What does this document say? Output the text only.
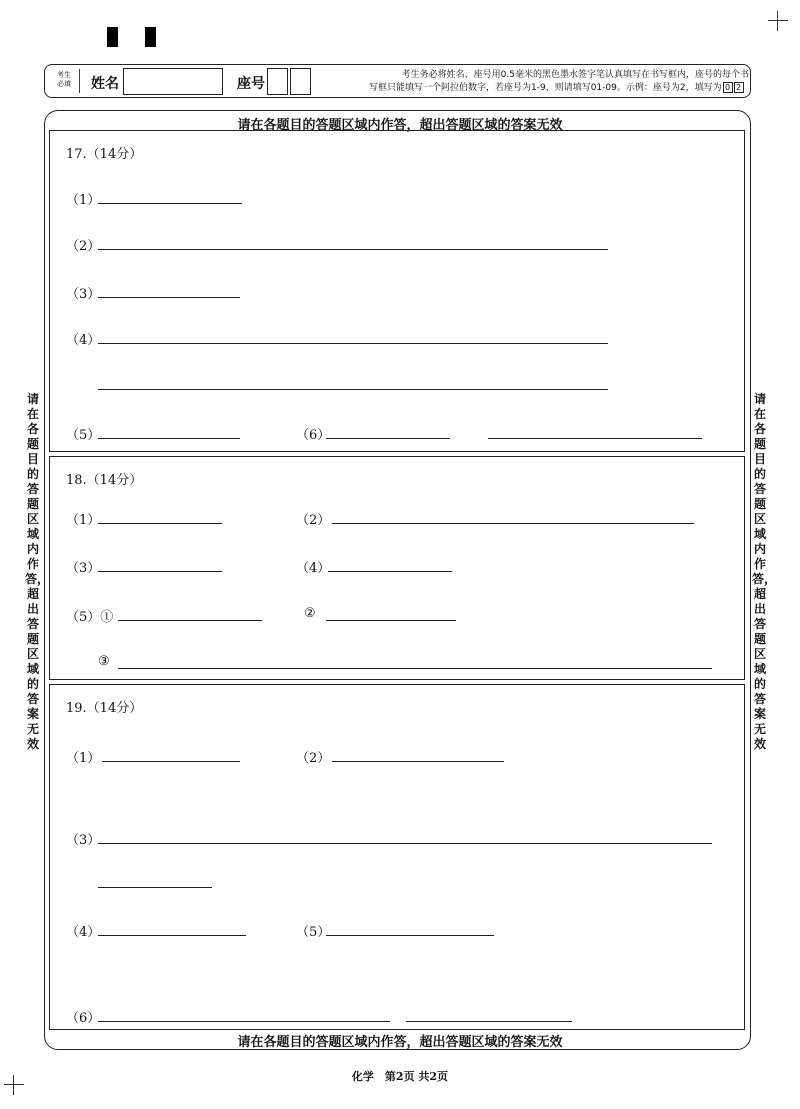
考生必填 姓名	座号
考生务必将姓名、座号用0.5毫米的黑色墨水签字笔认真填写在书写框内，座号的每个书
写框只能填写一个阿拉伯数字，若座号为1-9，则请填写01-09。示例：座号为2，填写为 0 2
请在各题目的答题区域内作答，超出答题区域的答案无效
请在各题目的答题区域内作答，超出答题区域的答案无效
请在各题目的答题区域内作答，超出答题区域的答案无效
请在各题目的答题区域内作答，超出答题区域的答案无效
17.（14分）
（1）
（2）
（3）
（4）
（5）	（6）
18.（14分）
（1）	（2）
（3）	（4）
（5）①	②
③
19.（14分）
（1）	（2）
（3）
（4）	（5）
（6）
化学　第2页 共2页
